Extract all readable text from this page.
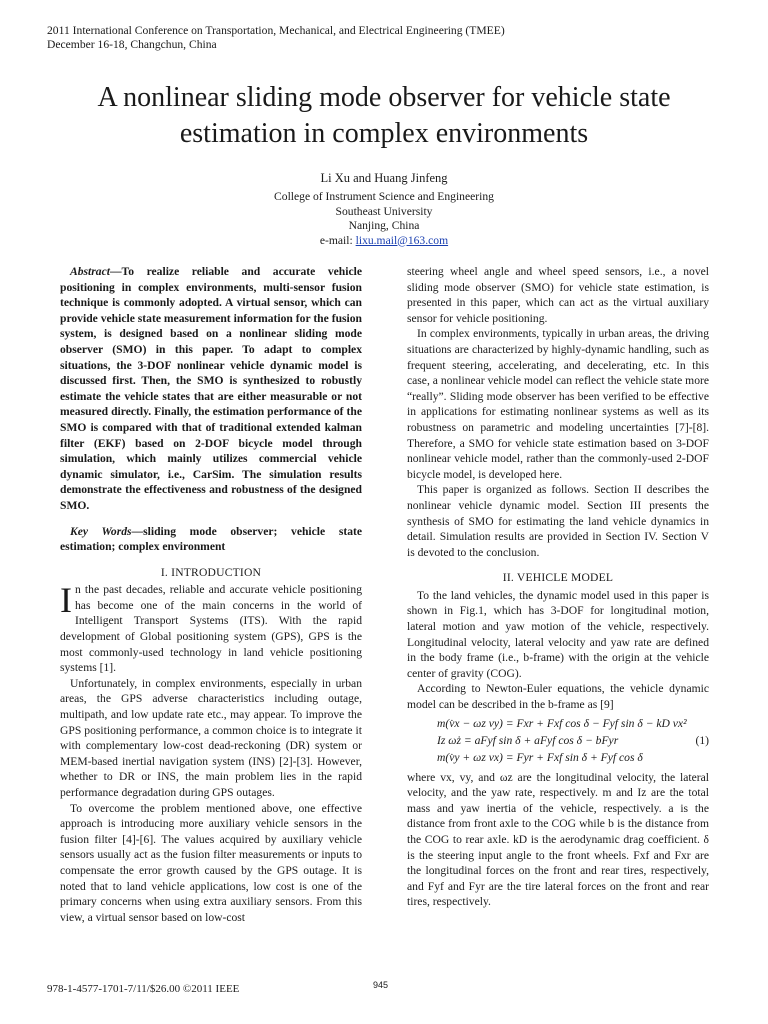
2011 International Conference on Transportation, Mechanical, and Electrical Engineering (TMEE)
December 16-18, Changchun, China
A nonlinear sliding mode observer for vehicle state
estimation in complex environments
Li Xu and Huang Jinfeng
College of Instrument Science and Engineering
Southeast University
Nanjing, China
e-mail: lixu.mail@163.com

Abstract—To realize reliable and accurate vehicle positioning in complex environments, multi-sensor fusion technique is commonly adopted. A virtual sensor, which can provide vehicle state measurement information for the fusion system, is designed based on a nonlinear sliding mode observer (SMO) in this paper. To adapt to complex situations, the 3-DOF nonlinear vehicle dynamic model is discussed first. Then, the SMO is synthesized to robustly estimate the vehicle states that are either measurable or not measured directly. Finally, the estimation performance of the SMO is compared with that of traditional extended kalman filter (EKF) based on 2-DOF bicycle model through simulation, which mainly utilizes commercial vehicle dynamic simulator, i.e., CarSim. The simulation results demonstrate the effectiveness and robustness of the designed SMO.

Key Words—sliding mode observer; vehicle state estimation; complex environment

I. INTRODUCTION

In the past decades, reliable and accurate vehicle positioning has become one of the main concerns in the world of Intelligent Transport Systems (ITS). With the rapid development of Global positioning system (GPS), GPS is the most commonly-used technology in land vehicle positioning systems [1].

Unfortunately, in complex environments, especially in urban areas, the GPS adverse characteristics including outage, multipath, and low update rate etc., may appear. To improve the GPS positioning performance, a common choice is to integrate it with complementary low-cost dead-reckoning (DR) system or MEM-based inertial navigation system (INS) [2]-[3]. However, whether to DR or INS, the main problem lies in the rapid performance degradation during GPS outages.

To overcome the problem mentioned above, one effective approach is introducing more auxiliary vehicle sensors in the fusion filter [4]-[6]. The values acquired by auxiliary vehicle sensors usually act as the fusion filter measurements or inputs to compensate the error growth caused by the GPS outage. It is noted that to land vehicle applications, low cost is one of the primary concerns when using extra auxiliary sensors. From this view, a virtual sensor based on low-cost

steering wheel angle and wheel speed sensors, i.e., a novel sliding mode observer (SMO) for vehicle state estimation, is presented in this paper, which can act as the virtual auxiliary sensor for vehicle positioning.

In complex environments, typically in urban areas, the driving situations are characterized by highly-dynamic handling, such as frequent steering, accelerating, and decelerating, etc. In this case, a nonlinear vehicle model can reflect the vehicle state more “really”. Sliding mode observer has been verified to be effective in applications for estimating nonlinear systems as well as its robustness on parametric and modeling uncertainties [7]-[8]. Therefore, a SMO for vehicle state estimation based on 3-DOF nonlinear vehicle model, rather than the commonly-used 2-DOF bicycle model, is developed here.

This paper is organized as follows. Section II describes the nonlinear vehicle dynamic model. Section III presents the synthesis of SMO for estimating the land vehicle dynamics in detail. Simulation results are provided in Section IV. Section V is devoted to the conclusion.

II. VEHICLE MODEL

To the land vehicles, the dynamic model used in this paper is shown in Fig.1, which has 3-DOF for longitudinal motion, lateral motion and yaw motion of the vehicle, respectively. Longitudinal velocity, lateral velocity and yaw rate are defined in the body frame (i.e., b-frame) with the origin at the vehicle center of gravity (COG).

According to Newton-Euler equations, the vehicle dynamic model can be described in the b-frame as [9]

m(v̇x − ωz vy) = Fxr + Fxf cos δ − Fyf sin δ − kD vx²
Iz ω̇z = aFyf sin δ + aFyf cos δ − bFyr
m(v̇y + ωz vx) = Fyr + Fxf sin δ + Fyf cos δ
(1)

where vx, vy, and ωz are the longitudinal velocity, the lateral velocity, and the yaw rate, respectively. m and Iz are the total mass and yaw inertia of the vehicle, respectively. a is the distance from front axle to the COG while b is the distance from the COG to rear axle. kD is the aerodynamic drag coefficient. δ is the steering input angle to the front wheels. Fxf and Fxr are the longitudinal forces on the front and rear tires, respectively, and Fyf and Fyr are the tire lateral forces on the front and rear tires, respectively.

978-1-4577-1701-7/11/$26.00 ©2011 IEEE	945
